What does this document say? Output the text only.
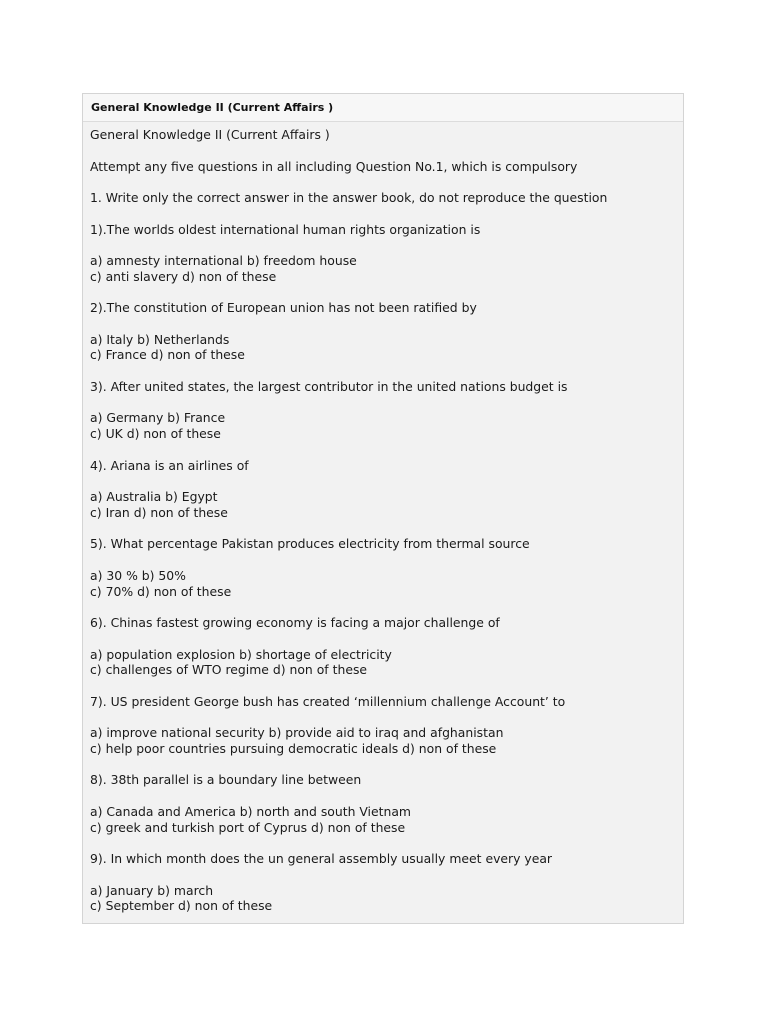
General Knowledge II (Current Affairs )

General Knowledge II (Current Affairs )

Attempt any five questions in all including Question No.1, which is compulsory

1. Write only the correct answer in the answer book, do not reproduce the question

1).The worlds oldest international human rights organization is

a) amnesty international b) freedom house
c) anti slavery d) non of these

2).The constitution of European union has not been ratified by

a) Italy b) Netherlands
c) France d) non of these

3). After united states, the largest contributor in the united nations budget is

a) Germany b) France
c) UK d) non of these

4). Ariana is an airlines of

a) Australia b) Egypt
c) Iran d) non of these

5). What percentage Pakistan produces electricity from thermal source

a) 30 % b) 50%
c) 70% d) non of these

6). Chinas fastest growing economy is facing a major challenge of

a) population explosion b) shortage of electricity
c) challenges of WTO regime d) non of these

7). US president George bush has created ‘millennium challenge Account’ to

a) improve national security b) provide aid to iraq and afghanistan
c) help poor countries pursuing democratic ideals d) non of these

8). 38th parallel is a boundary line between

a) Canada and America b) north and south Vietnam
c) greek and turkish port of Cyprus d) non of these

9). In which month does the un general assembly usually meet every year

a) January b) march
c) September d) non of these
